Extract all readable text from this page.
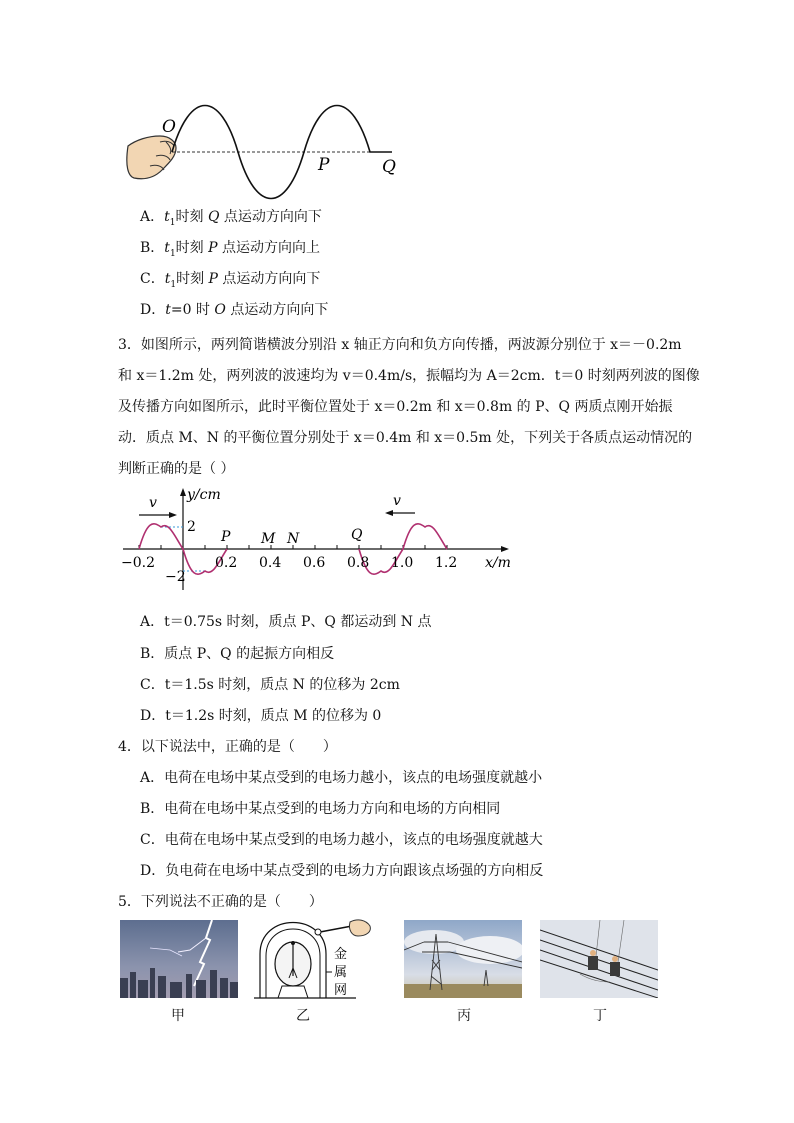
O
P	Q
A．$t_1$时刻 Q 点运动方向向下
B．$t_1$时刻 P 点运动方向向上
C．$t_1$时刻 P 点运动方向向下
D．t=0 时 O 点运动方向向下

3．如图所示，两列简谐横波分别沿 x 轴正方向和负方向传播，两波源分别位于 x＝－0.2m

和 x＝1.2m 处，两列波的波速均为 v＝0.4m/s，振幅均为 A＝2cm．t＝0 时刻两列波的图像

及传播方向如图所示，此时平衡位置处于 x＝0.2m 和 x＝0.8m 的 P、Q 两质点刚开始振

动．质点 M、N 的平衡位置分别处于 x＝0.4m 和 x＝0.5m 处，下列关于各质点运动情况的

判断正确的是（ ）

y/cm
x/m
2
−2
−0.2	0.2 0.4 0.6 0.8 1.0 1.2
P M N	Q
v	v
A．t＝0.75s 时刻，质点 P、Q 都运动到 N 点
B．质点 P、Q 的起振方向相反
C．t＝1.5s 时刻，质点 N 的位移为 2cm
D．t＝1.2s 时刻，质点 M 的位移为 0
4．以下说法中，正确的是（　　）
A．电荷在电场中某点受到的电场力越小，该点的电场强度就越小
B．电荷在电场中某点受到的电场力方向和电场的方向相同
C．电荷在电场中某点受到的电场力越小，该点的电场强度就越大
D．负电荷在电场中某点受到的电场力方向跟该点场强的方向相反
5．下列说法不正确的是（　　）
金
属
网
甲	乙	丙	丁
